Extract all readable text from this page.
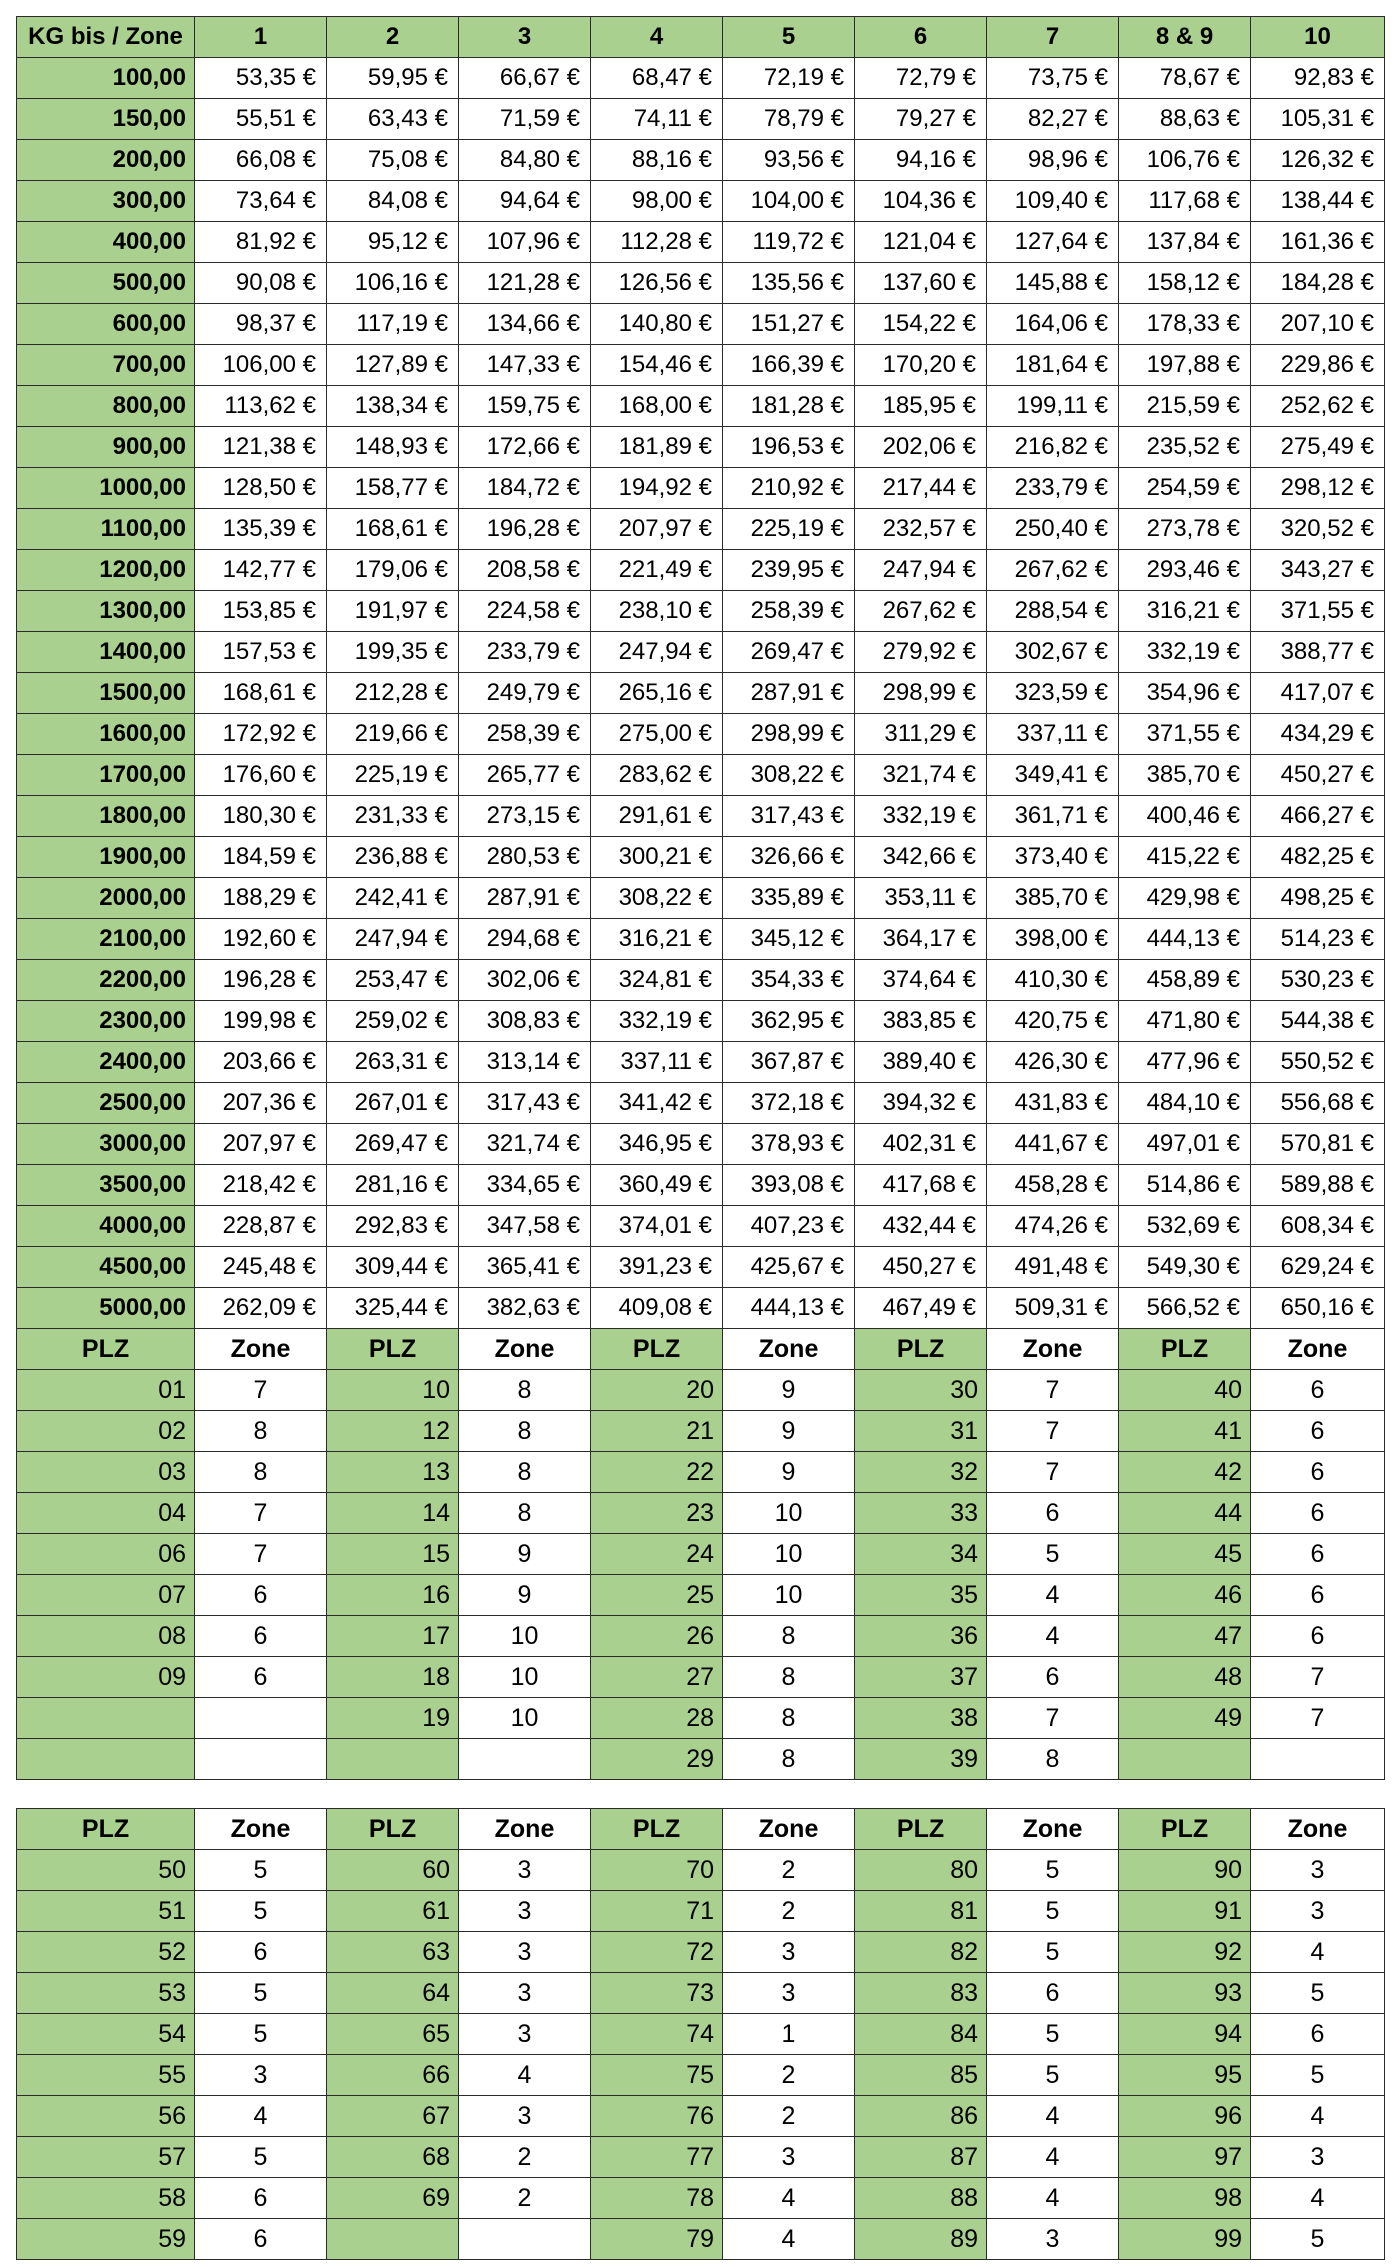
KG bis / Zone	1	2	3	4	5	6	7	8 & 9	10
100,00	53,35 €	59,95 €	66,67 €	68,47 €	72,19 €	72,79 €	73,75 €	78,67 €	92,83 €
150,00	55,51 €	63,43 €	71,59 €	74,11 €	78,79 €	79,27 €	82,27 €	88,63 €	105,31 €
200,00	66,08 €	75,08 €	84,80 €	88,16 €	93,56 €	94,16 €	98,96 €	106,76 €	126,32 €
300,00	73,64 €	84,08 €	94,64 €	98,00 €	104,00 €	104,36 €	109,40 €	117,68 €	138,44 €
400,00	81,92 €	95,12 €	107,96 €	112,28 €	119,72 €	121,04 €	127,64 €	137,84 €	161,36 €
500,00	90,08 €	106,16 €	121,28 €	126,56 €	135,56 €	137,60 €	145,88 €	158,12 €	184,28 €
600,00	98,37 €	117,19 €	134,66 €	140,80 €	151,27 €	154,22 €	164,06 €	178,33 €	207,10 €
700,00	106,00 €	127,89 €	147,33 €	154,46 €	166,39 €	170,20 €	181,64 €	197,88 €	229,86 €
800,00	113,62 €	138,34 €	159,75 €	168,00 €	181,28 €	185,95 €	199,11 €	215,59 €	252,62 €
900,00	121,38 €	148,93 €	172,66 €	181,89 €	196,53 €	202,06 €	216,82 €	235,52 €	275,49 €
1000,00	128,50 €	158,77 €	184,72 €	194,92 €	210,92 €	217,44 €	233,79 €	254,59 €	298,12 €
1100,00	135,39 €	168,61 €	196,28 €	207,97 €	225,19 €	232,57 €	250,40 €	273,78 €	320,52 €
1200,00	142,77 €	179,06 €	208,58 €	221,49 €	239,95 €	247,94 €	267,62 €	293,46 €	343,27 €
1300,00	153,85 €	191,97 €	224,58 €	238,10 €	258,39 €	267,62 €	288,54 €	316,21 €	371,55 €
1400,00	157,53 €	199,35 €	233,79 €	247,94 €	269,47 €	279,92 €	302,67 €	332,19 €	388,77 €
1500,00	168,61 €	212,28 €	249,79 €	265,16 €	287,91 €	298,99 €	323,59 €	354,96 €	417,07 €
1600,00	172,92 €	219,66 €	258,39 €	275,00 €	298,99 €	311,29 €	337,11 €	371,55 €	434,29 €
1700,00	176,60 €	225,19 €	265,77 €	283,62 €	308,22 €	321,74 €	349,41 €	385,70 €	450,27 €
1800,00	180,30 €	231,33 €	273,15 €	291,61 €	317,43 €	332,19 €	361,71 €	400,46 €	466,27 €
1900,00	184,59 €	236,88 €	280,53 €	300,21 €	326,66 €	342,66 €	373,40 €	415,22 €	482,25 €
2000,00	188,29 €	242,41 €	287,91 €	308,22 €	335,89 €	353,11 €	385,70 €	429,98 €	498,25 €
2100,00	192,60 €	247,94 €	294,68 €	316,21 €	345,12 €	364,17 €	398,00 €	444,13 €	514,23 €
2200,00	196,28 €	253,47 €	302,06 €	324,81 €	354,33 €	374,64 €	410,30 €	458,89 €	530,23 €
2300,00	199,98 €	259,02 €	308,83 €	332,19 €	362,95 €	383,85 €	420,75 €	471,80 €	544,38 €
2400,00	203,66 €	263,31 €	313,14 €	337,11 €	367,87 €	389,40 €	426,30 €	477,96 €	550,52 €
2500,00	207,36 €	267,01 €	317,43 €	341,42 €	372,18 €	394,32 €	431,83 €	484,10 €	556,68 €
3000,00	207,97 €	269,47 €	321,74 €	346,95 €	378,93 €	402,31 €	441,67 €	497,01 €	570,81 €
3500,00	218,42 €	281,16 €	334,65 €	360,49 €	393,08 €	417,68 €	458,28 €	514,86 €	589,88 €
4000,00	228,87 €	292,83 €	347,58 €	374,01 €	407,23 €	432,44 €	474,26 €	532,69 €	608,34 €
4500,00	245,48 €	309,44 €	365,41 €	391,23 €	425,67 €	450,27 €	491,48 €	549,30 €	629,24 €
5000,00	262,09 €	325,44 €	382,63 €	409,08 €	444,13 €	467,49 €	509,31 €	566,52 €	650,16 €
PLZ	Zone	PLZ	Zone	PLZ	Zone	PLZ	Zone	PLZ	Zone
01	7	10	8	20	9	30	7	40	6
02	8	12	8	21	9	31	7	41	6
03	8	13	8	22	9	32	7	42	6
04	7	14	8	23	10	33	6	44	6
06	7	15	9	24	10	34	5	45	6
07	6	16	9	25	10	35	4	46	6
08	6	17	10	26	8	36	4	47	6
09	6	18	10	27	8	37	6	48	7
		19	10	28	8	38	7	49	7
				29	8	39	8		
PLZ	Zone	PLZ	Zone	PLZ	Zone	PLZ	Zone	PLZ	Zone
50	5	60	3	70	2	80	5	90	3
51	5	61	3	71	2	81	5	91	3
52	6	63	3	72	3	82	5	92	4
53	5	64	3	73	3	83	6	93	5
54	5	65	3	74	1	84	5	94	6
55	3	66	4	75	2	85	5	95	5
56	4	67	3	76	2	86	4	96	4
57	5	68	2	77	3	87	4	97	3
58	6	69	2	78	4	88	4	98	4
59	6			79	4	89	3	99	5
